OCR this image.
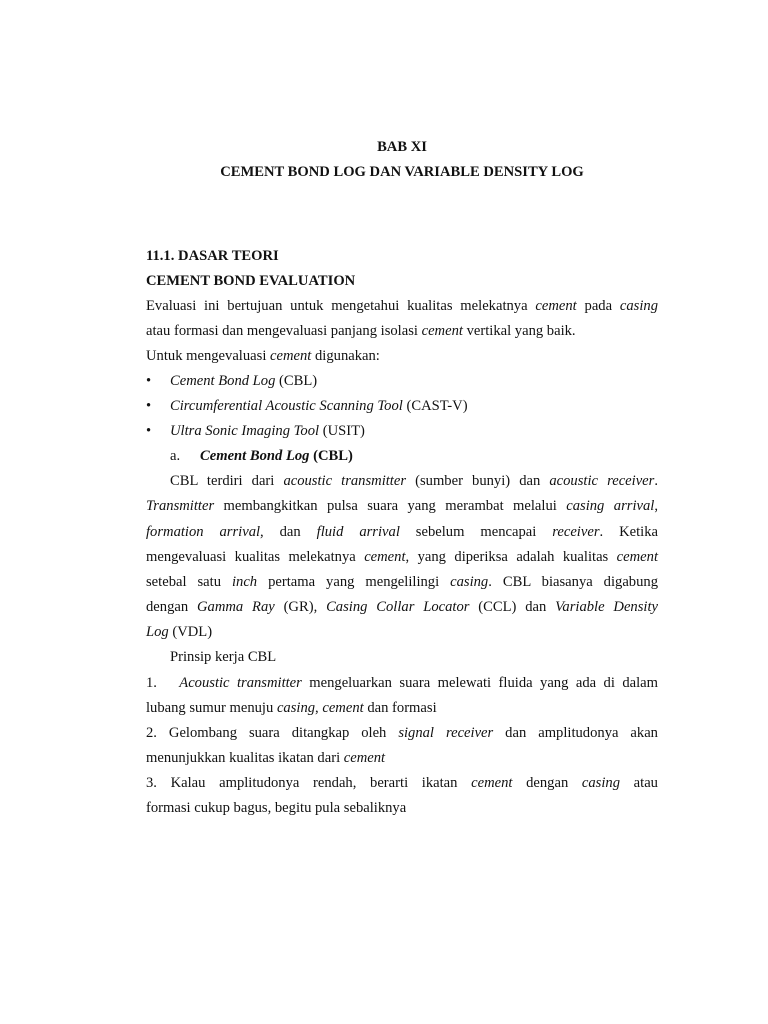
BAB XI
CEMENT BOND LOG DAN VARIABLE DENSITY LOG
11.1. DASAR TEORI
CEMENT BOND EVALUATION
Evaluasi ini bertujuan untuk mengetahui kualitas melekatnya cement pada casing
atau formasi dan mengevaluasi panjang isolasi cement vertikal yang baik.
Untuk mengevaluasi cement digunakan:
• Cement Bond Log (CBL)
• Circumferential Acoustic Scanning Tool (CAST-V)
• Ultra Sonic Imaging Tool (USIT)
a. Cement Bond Log (CBL)
CBL terdiri dari acoustic transmitter (sumber bunyi) dan acoustic receiver.
Transmitter membangkitkan pulsa suara yang merambat melalui casing arrival,
formation arrival, dan fluid arrival sebelum mencapai receiver. Ketika
mengevaluasi kualitas melekatnya cement, yang diperiksa adalah kualitas cement
setebal satu inch pertama yang mengelilingi casing. CBL biasanya digabung
dengan Gamma Ray (GR), Casing Collar Locator (CCL) dan Variable Density
Log (VDL)
Prinsip kerja CBL
1.   Acoustic transmitter mengeluarkan suara melewati fluida yang ada di dalam
lubang sumur menuju casing, cement dan formasi
2. Gelombang suara ditangkap oleh signal receiver dan amplitudonya akan
menunjukkan kualitas ikatan dari cement
3. Kalau amplitudonya rendah, berarti ikatan cement dengan casing atau
formasi cukup bagus, begitu pula sebaliknya
